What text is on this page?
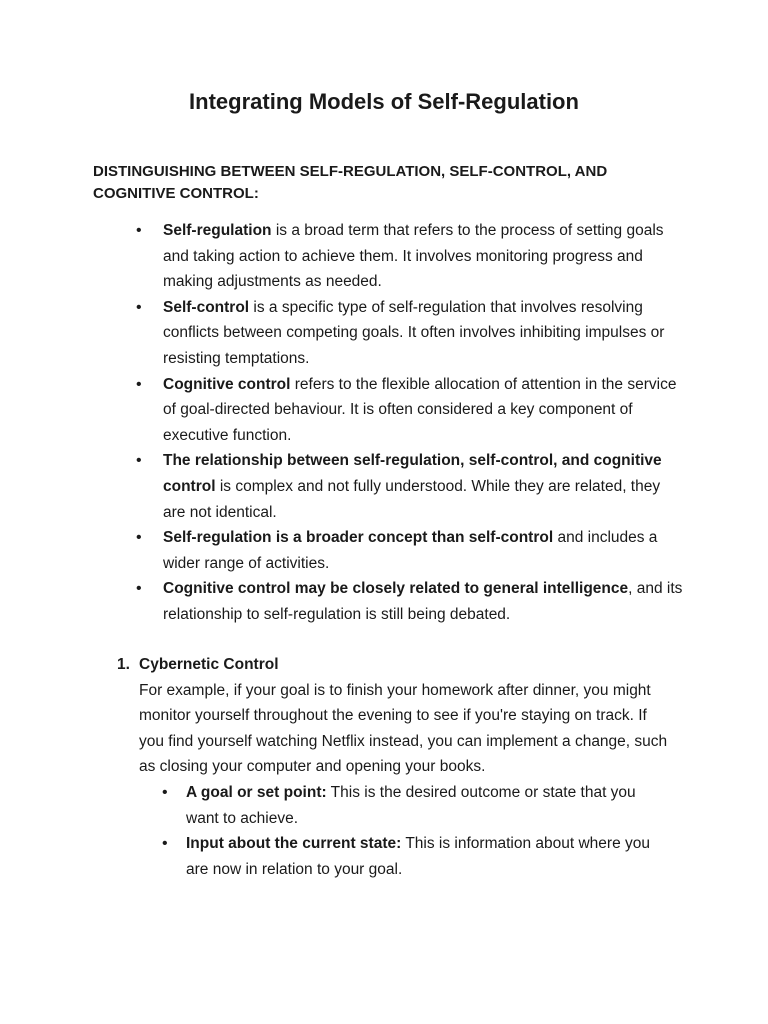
Integrating Models of Self-Regulation
DISTINGUISHING BETWEEN SELF-REGULATION, SELF-CONTROL, AND COGNITIVE CONTROL:
• Self-regulation is a broad term that refers to the process of setting goals and taking action to achieve them. It involves monitoring progress and making adjustments as needed.
• Self-control is a specific type of self-regulation that involves resolving conflicts between competing goals. It often involves inhibiting impulses or resisting temptations.
• Cognitive control refers to the flexible allocation of attention in the service of goal-directed behaviour. It is often considered a key component of executive function.
• The relationship between self-regulation, self-control, and cognitive control is complex and not fully understood. While they are related, they are not identical.
• Self-regulation is a broader concept than self-control and includes a wider range of activities.
• Cognitive control may be closely related to general intelligence, and its relationship to self-regulation is still being debated.
1. Cybernetic Control
For example, if your goal is to finish your homework after dinner, you might monitor yourself throughout the evening to see if you're staying on track. If you find yourself watching Netflix instead, you can implement a change, such as closing your computer and opening your books.
• A goal or set point: This is the desired outcome or state that you want to achieve.
• Input about the current state: This is information about where you are now in relation to your goal.
